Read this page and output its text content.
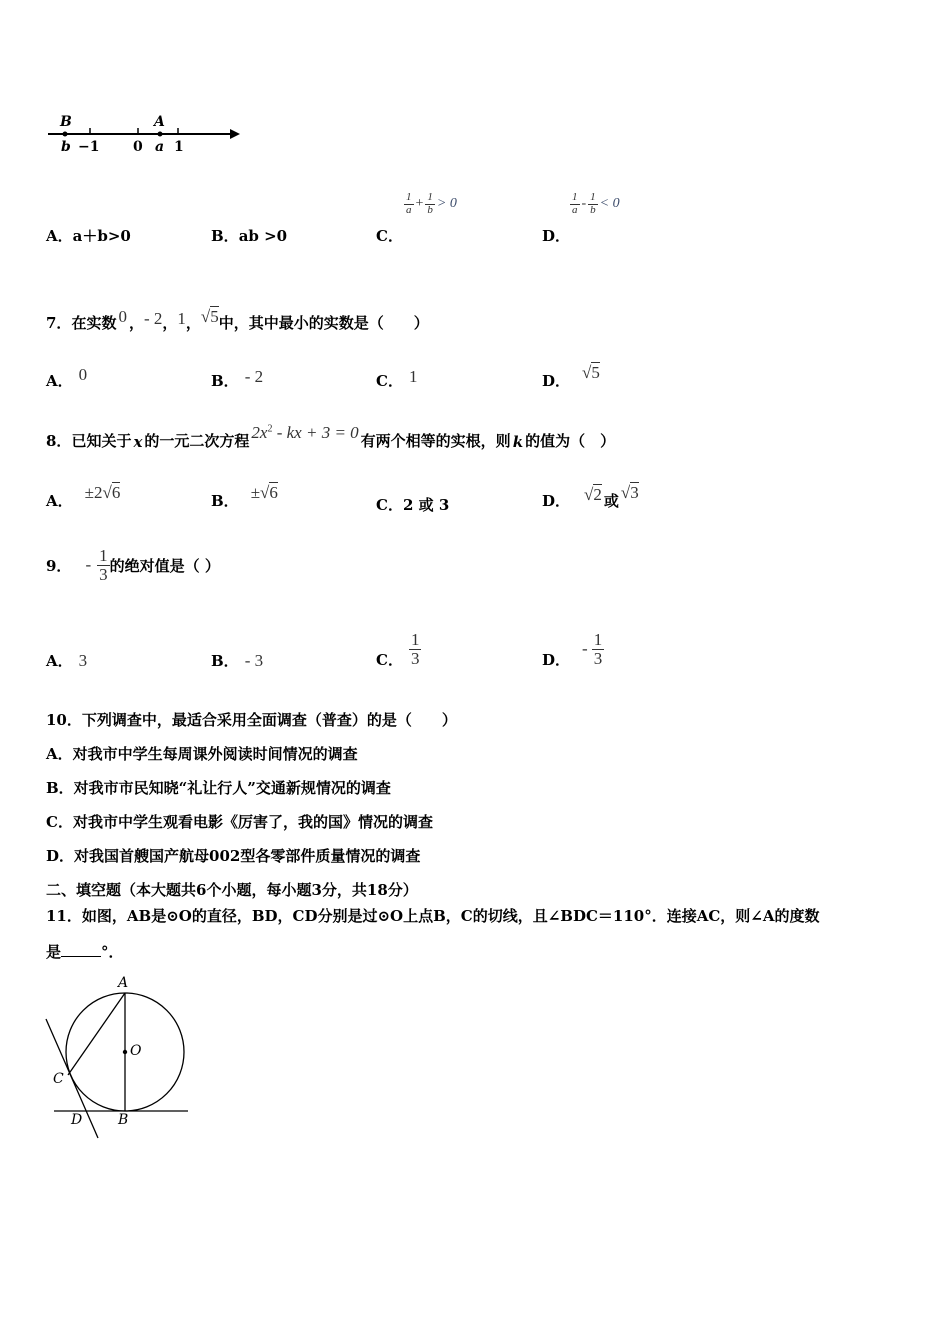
B	A
b −1 0 a 1
A．a＋b>0	B．ab >0	C．
$\frac{1}{a} + \frac{1}{b} > 0$
D．
$\frac{1}{a} - \frac{1}{b} < 0$
7． 在实数 0 ， - 2 ， 1 ， √5 中，其中最小的实数是（　　）
A． 0	B． - 2	C． 1	D． √5
8． 已知关于 x 的一元二次方程 $2x^2$ - kx + 3 = 0 有两个相等的实根，则 k 的值为（　）
A． ±2√6	B． ±√6
C．2 或 3	D． √2 或 √3
9． - $\frac{1}{3}$ 的绝对值是（ ）
A． 3	B． - 3	C． $\frac{1}{3}$	D．
- $\frac{1}{3}$
10．下列调查中，最适合采用全面调查（普查）的是（　　）
A．对我市中学生每周课外阅读时间情况的调查
B．对我市市民知晓“礼让行人”交通新规情况的调查
C．对我市中学生观看电影《厉害了，我的国》情况的调查
D．对我国首艘国产航母002型各零部件质量情况的调查
二、填空题（本大题共6个小题，每小题3分，共18分）
11．如图，AB是⊙O的直径，BD，CD分别是过⊙O上点B，C的切线，且∠BDC＝110°．连接AC，则∠A的度数
是	°．
A
O
C
D	B
